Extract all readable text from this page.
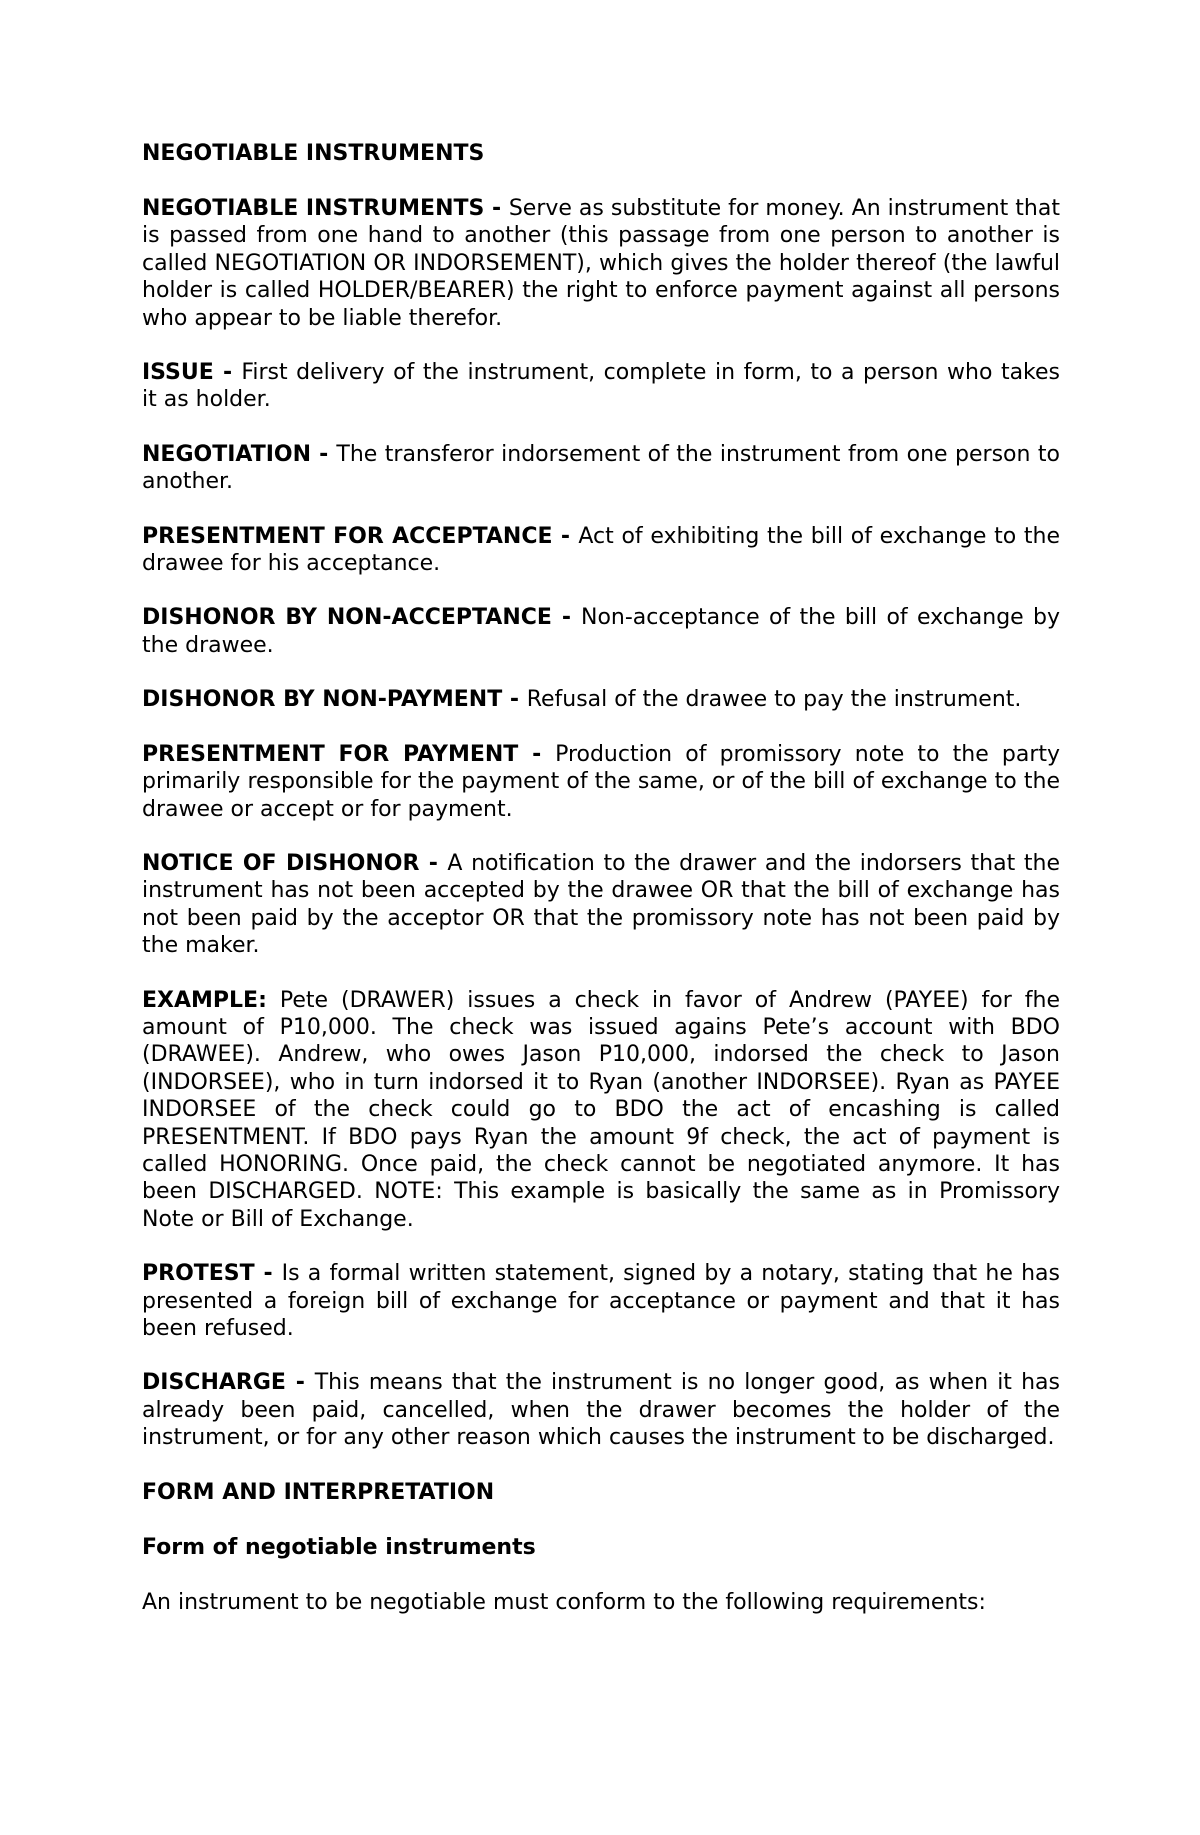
NEGOTIABLE INSTRUMENTS
NEGOTIABLE INSTRUMENTS - Serve as substitute for money. An instrument that is passed from one hand to another (this passage from one person to another is called NEGOTIATION OR INDORSEMENT), which gives the holder thereof (the lawful holder is called HOLDER/BEARER) the right to enforce payment against all persons who appear to be liable therefor.
ISSUE - First delivery of the instrument, complete in form, to a person who takes it as holder.
NEGOTIATION - The transferor indorsement of the instrument from one person to another.
PRESENTMENT FOR ACCEPTANCE - Act of exhibiting the bill of exchange to the drawee for his acceptance.
DISHONOR BY NON-ACCEPTANCE - Non-acceptance of the bill of exchange by the drawee.
DISHONOR BY NON-PAYMENT - Refusal of the drawee to pay the instrument.
PRESENTMENT FOR PAYMENT - Production of promissory note to the party primarily responsible for the payment of the same, or of the bill of exchange to the drawee or accept or for payment.
NOTICE OF DISHONOR - A notification to the drawer and the indorsers that the instrument has not been accepted by the drawee OR that the bill of exchange has not been paid by the acceptor OR that the promissory note has not been paid by the maker.
EXAMPLE: Pete (DRAWER) issues a check in favor of Andrew (PAYEE) for fhe amount of P10,000. The check was issued agains Pete’s account with BDO (DRAWEE). Andrew, who owes Jason P10,000, indorsed the check to Jason (INDORSEE), who in turn indorsed it to Ryan (another INDORSEE). Ryan as PAYEE INDORSEE of the check could go to BDO the act of encashing is called PRESENTMENT. If BDO pays Ryan the amount 9f check, the act of payment is called HONORING. Once paid, the check cannot be negotiated anymore. It has been DISCHARGED. NOTE: This example is basically the same as in Promissory Note or Bill of Exchange.
PROTEST - Is a formal written statement, signed by a notary, stating that he has presented a foreign bill of exchange for acceptance or payment and that it has been refused.
DISCHARGE - This means that the instrument is no longer good, as when it has already been paid, cancelled, when the drawer becomes the holder of the instrument, or for any other reason which causes the instrument to be discharged.
FORM AND INTERPRETATION
Form of negotiable instruments
An instrument to be negotiable must conform to the following requirements:
